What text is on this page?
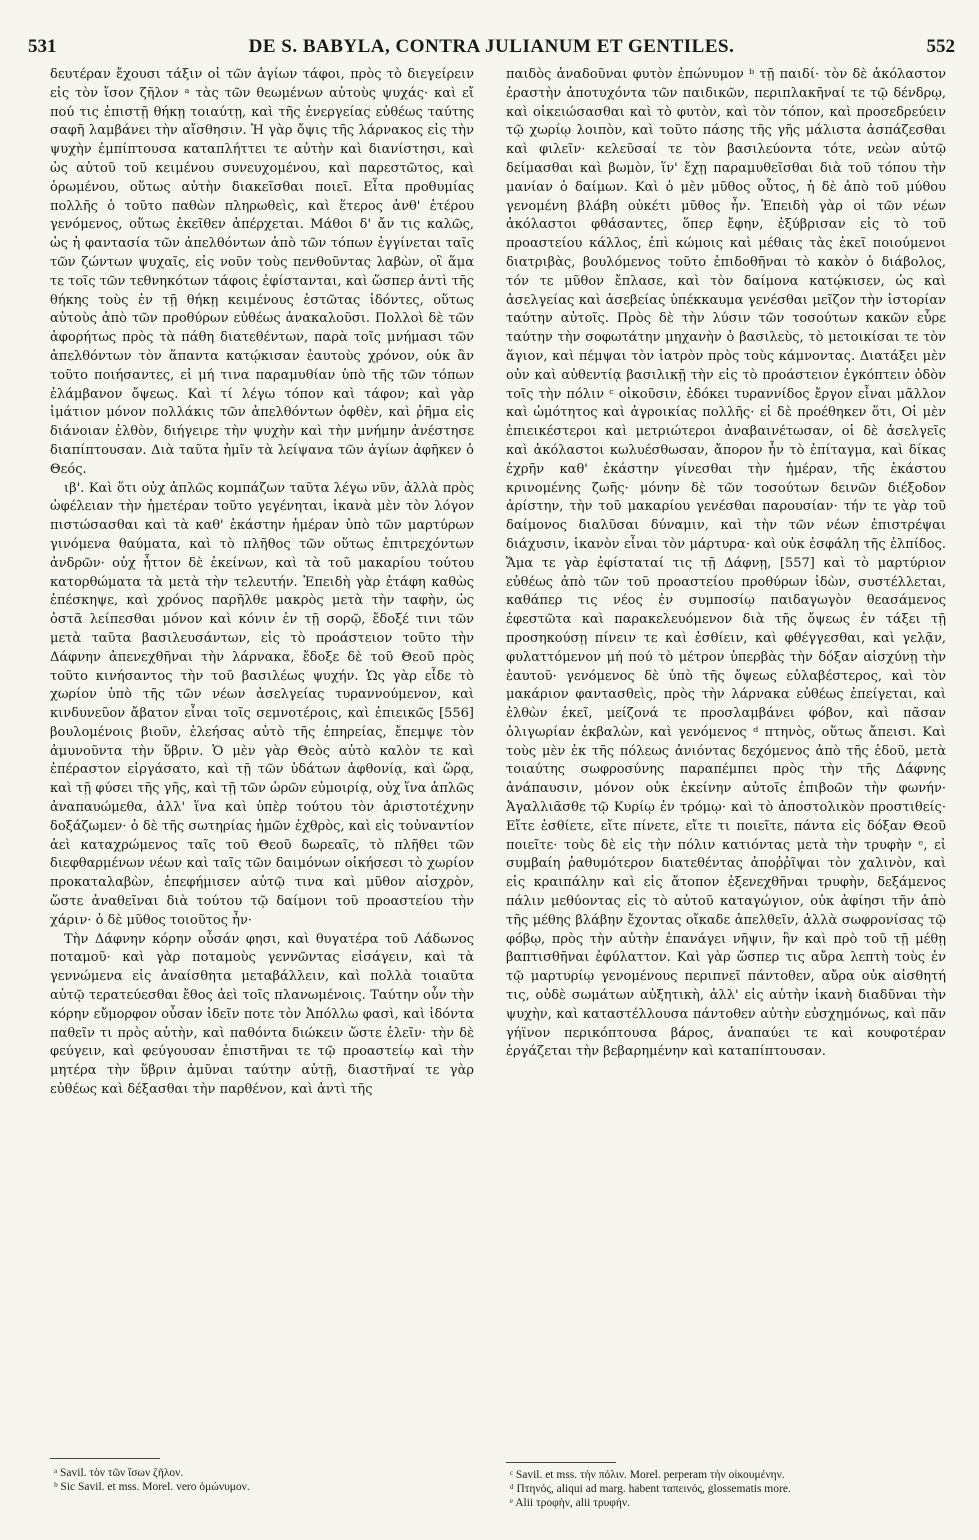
531	DE S. BABYLA, CONTRA JULIANUM ET GENTILES.	552

δευτέραν ἔχουσι τάξιν οἱ τῶν ἁγίων τάφοι, πρὸς τὸ διεγείρειν εἰς τὸν ἴσον ζῆλον ᵃ τὰς τῶν θεωμένων αὐτοὺς ψυχάς· καὶ εἴ πού τις ἐπιστῇ θήκῃ τοιαύτῃ, καὶ τῆς ἐνεργείας εὐθέως ταύτης σαφῆ λαμβάνει τὴν αἴσθησιν. Ἡ γὰρ ὄψις τῆς λάρνακος εἰς τὴν ψυχὴν ἐμπίπτουσα καταπλήττει τε αὐτὴν καὶ διανίστησι, καὶ ὡς αὐτοῦ τοῦ κειμένου συνευχομένου, καὶ παρεστῶτος, καὶ ὁρωμένου, οὕτως αὐτὴν διακεῖσθαι ποιεῖ. Εἶτα προθυμίας πολλῆς ὁ τοῦτο παθὼν πληρωθεὶς, καὶ ἕτερος ἀνθ' ἑτέρου γενόμενος, οὕτως ἐκεῖθεν ἀπέρχεται. Μάθοι δ' ἄν τις καλῶς, ὡς ἡ φαντασία τῶν ἀπελθόντων ἀπὸ τῶν τόπων ἐγγίνεται ταῖς τῶν ζώντων ψυχαῖς, εἰς νοῦν τοὺς πενθοῦντας λαβὼν, οἳ ἅμα τε τοῖς τῶν τεθνηκότων τάφοις ἐφίστανται, καὶ ὥσπερ ἀντὶ τῆς θήκης τοὺς ἐν τῇ θήκῃ κειμένους ἑστῶτας ἰδόντες, οὕτως αὐτοὺς ἀπὸ τῶν προθύρων εὐθέως ἀνακαλοῦσι. Πολλοὶ δὲ τῶν ἀφορήτως πρὸς τὰ πάθη διατεθέντων, παρὰ τοῖς μνήμασι τῶν ἀπελθόντων τὸν ἅπαντα κατῴκισαν ἑαυτοὺς χρόνον, οὐκ ἂν τοῦτο ποιήσαντες, εἰ μή τινα παραμυθίαν ὑπὸ τῆς τῶν τόπων ἐλάμβανον ὄψεως. Καὶ τί λέγω τόπον καὶ τάφον; καὶ γὰρ ἱμάτιον μόνον πολλάκις τῶν ἀπελθόντων ὀφθὲν, καὶ ῥῆμα εἰς διάνοιαν ἐλθὸν, διήγειρε τὴν ψυχὴν καὶ τὴν μνήμην ἀνέστησε διαπίπτουσαν. Διὰ ταῦτα ἡμῖν τὰ λείψανα τῶν ἁγίων ἀφῆκεν ὁ Θεός.

ιβ'. Καὶ ὅτι οὐχ ἁπλῶς κομπάζων ταῦτα λέγω νῦν, ἀλλὰ πρὸς ὠφέλειαν τὴν ἡμετέραν τοῦτο γεγένηται, ἱκανὰ μὲν τὸν λόγον πιστώσασθαι καὶ τὰ καθ' ἑκάστην ἡμέραν ὑπὸ τῶν μαρτύρων γινόμενα θαύματα, καὶ τὸ πλῆθος τῶν οὕτως ἐπιτρεχόντων ἀνδρῶν· οὐχ ἧττον δὲ ἐκείνων, καὶ τὰ τοῦ μακαρίου τούτου κατορθώματα τὰ μετὰ τὴν τελευτήν. Ἐπειδὴ γὰρ ἐτάφη καθὼς ἐπέσκηψε, καὶ χρόνος παρῆλθε μακρὸς μετὰ τὴν ταφὴν, ὡς ὀστᾶ λείπεσθαι μόνον καὶ κόνιν ἐν τῇ σορῷ, ἔδοξέ τινι τῶν μετὰ ταῦτα βασιλευσάντων, εἰς τὸ προάστειον τοῦτο τὴν Δάφνην ἀπενεχθῆναι τὴν λάρνακα, ἔδοξε δὲ τοῦ Θεοῦ πρὸς τοῦτο κινήσαντος τὴν τοῦ βασιλέως ψυχήν. Ὡς γὰρ εἶδε τὸ χωρίον ὑπὸ τῆς τῶν νέων ἀσελγείας τυραννούμενον, καὶ κινδυνεῦον ἄβατον εἶναι τοῖς σεμνοτέροις, καὶ ἐπιεικῶς [556] βουλομένοις βιοῦν, ἐλεήσας αὐτὸ τῆς ἐπηρείας, ἔπεμψε τὸν ἀμυνοῦντα τὴν ὕβριν. Ὁ μὲν γὰρ Θεὸς αὐτὸ καλὸν τε καὶ ἐπέραστον εἰργάσατο, καὶ τῇ τῶν ὑδάτων ἀφθονίᾳ, καὶ ὥρᾳ, καὶ τῇ φύσει τῆς γῆς, καὶ τῇ τῶν ὡρῶν εὐμοιρίᾳ, οὐχ ἵνα ἁπλῶς ἀναπαυώμεθα, ἀλλ' ἵνα καὶ ὑπὲρ τούτου τὸν ἀριστοτέχνην δοξάζωμεν· ὁ δὲ τῆς σωτηρίας ἡμῶν ἐχθρὸς, καὶ εἰς τοὐναντίον ἀεὶ καταχρώμενος ταῖς τοῦ Θεοῦ δωρεαῖς, τὸ πλῆθει τῶν διεφθαρμένων νέων καὶ ταῖς τῶν δαιμόνων οἰκήσεσι τὸ χωρίον προκαταλαβὼν, ἐπεφήμισεν αὐτῷ τινα καὶ μῦθον αἰσχρὸν, ὥστε ἀναθεῖναι διὰ τούτου τῷ δαίμονι τοῦ προαστείου τὴν χάριν· ὁ δὲ μῦθος τοιοῦτος ἦν·

Τὴν Δάφνην κόρην οὖσάν φησι, καὶ θυγατέρα τοῦ Λάδωνος ποταμοῦ· καὶ γὰρ ποταμοὺς γεννῶντας εἰσάγειν, καὶ τὰ γεννώμενα εἰς ἀναίσθητα μεταβάλλειν, καὶ πολλὰ τοιαῦτα αὐτῷ τερατεύεσθαι ἔθος ἀεὶ τοῖς πλανωμένοις. Ταύτην οὖν τὴν κόρην εὔμορφον οὖσαν ἰδεῖν ποτε τὸν Ἀπόλλω φασὶ, καὶ ἰδόντα παθεῖν τι πρὸς αὐτὴν, καὶ παθόντα διώκειν ὥστε ἑλεῖν· τὴν δὲ φεύγειν, καὶ φεύγουσαν ἐπιστῆναι τε τῷ προαστείῳ καὶ τὴν μητέρα τὴν ὕβριν ἀμῦναι ταύτην αὐτῇ, διαστῆναί τε γὰρ εὐθέως καὶ δέξασθαι τὴν παρθένον, καὶ ἀντὶ τῆς

παιδὸς ἀναδοῦναι φυτὸν ἐπώνυμον ᵇ τῇ παιδί· τὸν δὲ ἀκόλαστον ἐραστὴν ἀποτυχόντα τῶν παιδικῶν, περιπλακῆναί τε τῷ δένδρῳ, καὶ οἰκειώσασθαι καὶ τὸ φυτὸν, καὶ τὸν τόπον, καὶ προσεδρεύειν τῷ χωρίῳ λοιπὸν, καὶ τοῦτο πάσης τῆς γῆς μάλιστα ἀσπάζεσθαι καὶ φιλεῖν· κελεῦσαί τε τὸν βασιλεύοντα τότε, νεὼν αὐτῷ δείμασθαι καὶ βωμὸν, ἵν' ἔχῃ παραμυθεῖσθαι διὰ τοῦ τόπου τὴν μανίαν ὁ δαίμων. Καὶ ὁ μὲν μῦθος οὗτος, ἡ δὲ ἀπὸ τοῦ μύθου γενομένη βλάβη οὐκέτι μῦθος ἦν. Ἐπειδὴ γὰρ οἱ τῶν νέων ἀκόλαστοι φθάσαντες, ὅπερ ἔφην, ἐξύβρισαν εἰς τὸ τοῦ προαστείου κάλλος, ἐπὶ κώμοις καὶ μέθαις τὰς ἐκεῖ ποιούμενοι διατριβὰς, βουλόμενος τοῦτο ἐπιδοθῆναι τὸ κακὸν ὁ διάβολος, τόν τε μῦθον ἔπλασε, καὶ τὸν δαίμονα κατῴκισεν, ὡς καὶ ἀσελγείας καὶ ἀσεβείας ὑπέκκαυμα γενέσθαι μεῖζον τὴν ἱστορίαν ταύτην αὐτοῖς. Πρὸς δὲ τὴν λύσιν τῶν τοσούτων κακῶν εὗρε ταύτην τὴν σοφωτάτην μηχανὴν ὁ βασιλεὺς, τὸ μετοικίσαι τε τὸν ἅγιον, καὶ πέμψαι τὸν ἰατρὸν πρὸς τοὺς κάμνοντας. Διατάξει μὲν οὐν καὶ αὐθεντίᾳ βασιλικῇ τὴν εἰς τὸ προάστειον ἐγκόπτειν ὁδὸν τοῖς τὴν πόλιν ᶜ οἰκοῦσιν, ἐδόκει τυραννίδος ἔργον εἶναι μᾶλλον καὶ ὠμότητος καὶ ἀγροικίας πολλῆς· εἰ δὲ προέθηκεν ὅτι, Οἱ μὲν ἐπιεικέστεροι καὶ μετριώτεροι ἀναβαινέτωσαν, οἱ δὲ ἀσελγεῖς καὶ ἀκόλαστοι κωλυέσθωσαν, ἄπορον ἦν τὸ ἐπίταγμα, καὶ δίκας ἐχρῆν καθ' ἑκάστην γίνεσθαι τὴν ἡμέραν, τῆς ἑκάστου κρινομένης ζωῆς· μόνην δὲ τῶν τοσούτων δεινῶν διέξοδον ἀρίστην, τὴν τοῦ μακαρίου γενέσθαι παρουσίαν· τήν τε γὰρ τοῦ δαίμονος διαλῦσαι δύναμιν, καὶ τὴν τῶν νέων ἐπιστρέψαι διάχυσιν, ἱκανὸν εἶναι τὸν μάρτυρα· καὶ οὐκ ἐσφάλη τῆς ἐλπίδος. Ἅμα τε γὰρ ἐφίσταταί τις τῇ Δάφνῃ, [557] καὶ τὸ μαρτύριον εὐθέως ἀπὸ τῶν τοῦ προαστείου προθύρων ἰδὼν, συστέλλεται, καθάπερ τις νέος ἐν συμποσίῳ παιδαγωγὸν θεασάμενος ἐφεστῶτα καὶ παρακελευόμενον διὰ τῆς ὄψεως ἐν τάξει τῇ προσηκούσῃ πίνειν τε καὶ ἐσθίειν, καὶ φθέγγεσθαι, καὶ γελᾷν, φυλαττόμενον μή πού τὸ μέτρον ὑπερβὰς τὴν δόξαν αἰσχύνῃ τὴν ἑαυτοῦ· γενόμενος δὲ ὑπὸ τῆς ὄψεως εὐλαβέστερος, καὶ τὸν μακάριον φαντασθεὶς, πρὸς τὴν λάρνακα εὐθέως ἐπείγεται, καὶ ἐλθὼν ἐκεῖ, μείζονά τε προσλαμβάνει φόβον, καὶ πᾶσαν ὀλιγωρίαν ἐκβαλὼν, καὶ γενόμενος ᵈ πτηνὸς, οὕτως ἄπεισι. Καὶ τοὺς μὲν ἐκ τῆς πόλεως ἀνιόντας δεχόμενος ἀπὸ τῆς ἐδοῦ, μετὰ τοιαύτης σωφροσύνης παραπέμπει πρὸς τὴν τῆς Δάφνης ἀνάπαυσιν, μόνον οὐκ ἐκείνην αὐτοῖς ἐπιβοῶν τὴν φωνήν· Ἀγαλλιᾶσθε τῷ Κυρίῳ ἐν τρόμῳ· καὶ τὸ ἀποστολικὸν προστιθείς· Εἴτε ἐσθίετε, εἴτε πίνετε, εἴτε τι ποιεῖτε, πάντα εἰς δόξαν Θεοῦ ποιεῖτε· τοὺς δὲ εἰς τὴν πόλιν κατιόντας μετὰ τὴν τρυφὴν ᵉ, εἰ συμβαίη ῥαθυμότερον διατεθέντας ἀποῤῥῖψαι τὸν χαλινὸν, καὶ εἰς κραιπάλην καὶ εἰς ἄτοπον ἐξενεχθῆναι τρυφὴν, δεξάμενος πάλιν μεθύοντας εἰς τὸ αὐτοῦ καταγώγιον, οὐκ ἀφίησι τῆν ἀπὸ τῆς μέθης βλάβην ἔχοντας οἴκαδε ἀπελθεῖν, ἀλλὰ σωφρονίσας τῷ φόβῳ, πρὸς τὴν αὐτὴν ἐπανάγει νῆψιν, ἣν καὶ πρὸ τοῦ τῇ μέθῃ βαπτισθῆναι ἐφύλαττον. Καὶ γὰρ ὥσπερ τις αὔρα λεπτὴ τοὺς ἐν τῷ μαρτυρίῳ γενομένους περιπνεῖ πάντοθεν, αὔρα οὐκ αἰσθητή τις, οὐδὲ σωμάτων αὐξητικὴ, ἀλλ' εἰς αὐτὴν ἱκανὴ διαδῦναι τὴν ψυχὴν, καὶ καταστέλλουσα πάντοθεν αὐτὴν εὐσχημόνως, καὶ πᾶν γήϊνον περικόπτουσα βάρος, ἀναπαύει τε καὶ κουφοτέραν ἐργάζεται τὴν βεβαρημένην καὶ καταπίπτουσαν.

ᵃ Savil. τὸν τῶν ἴσων ζῆλον.

ᵇ Sic Savil. et mss. Morel. vero ὁμώνυμον.

ᶜ Savil. et mss. τὴν πόλιν. Morel. perperam τὴν οἰκουμένην.

ᵈ Πτηνός, aliqui ad marg. habent ταπεινός, glossematis more.

ᵉ Alii τροφὴν, alii τρυφήν.
